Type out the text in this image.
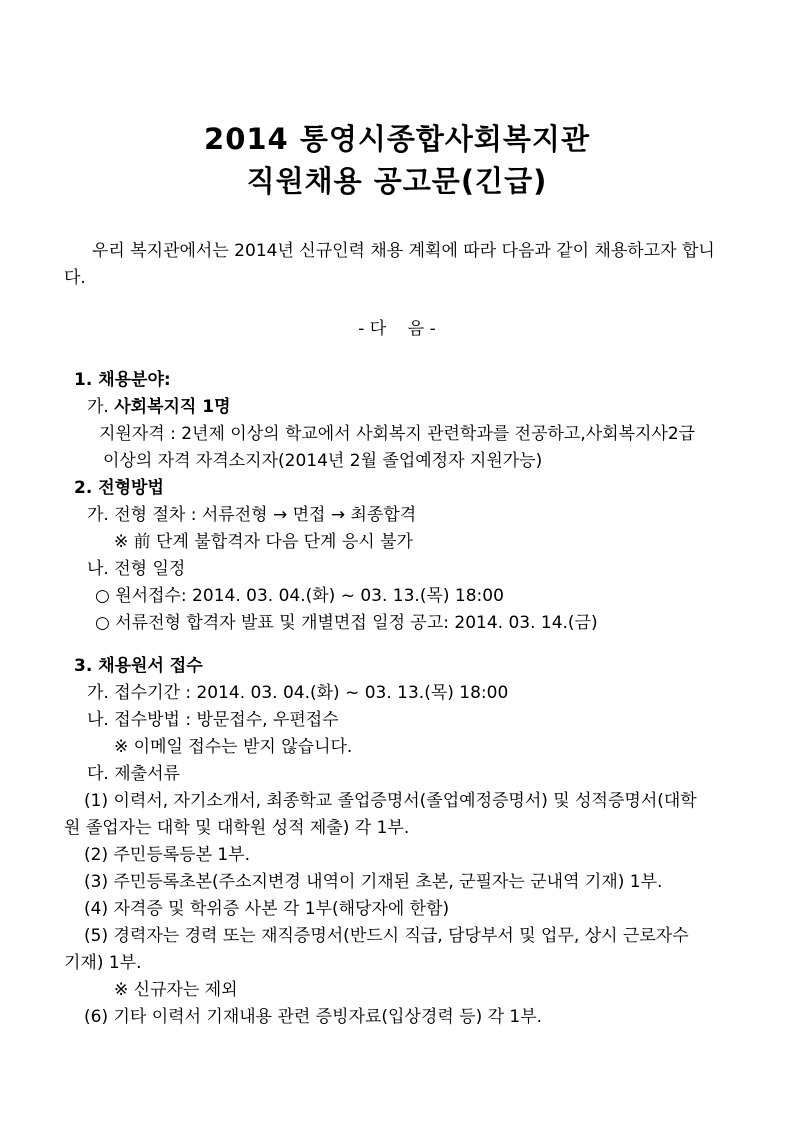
2014 통영시종합사회복지관
직원채용 공고문(긴급)
우리 복지관에서는 2014년 신규인력 채용 계획에 따라 다음과 같이 채용하고자 합니
다.
- 다    음 -
1. 채용분야:
가. 사회복지직 1명
지원자격 : 2년제 이상의 학교에서 사회복지 관련학과를 전공하고,사회복지사2급
이상의 자격 자격소지자(2014년 2월 졸업예정자 지원가능)
2. 전형방법
가. 전형 절차 : 서류전형 → 면접 → 최종합격
※ 前 단계 불합격자 다음 단계 응시 불가
나. 전형 일정
○ 원서접수: 2014. 03. 04.(화) ~ 03. 13.(목) 18:00
○ 서류전형 합격자 발표 및 개별면접 일정 공고: 2014. 03. 14.(금)
3. 채용원서 접수
가. 접수기간 : 2014. 03. 04.(화) ~ 03. 13.(목) 18:00
나. 접수방법 : 방문접수, 우편접수
※ 이메일 접수는 받지 않습니다.
다. 제출서류
(1) 이력서, 자기소개서, 최종학교 졸업증명서(졸업예정증명서) 및 성적증명서(대학
원 졸업자는 대학 및 대학원 성적 제출) 각 1부.
(2) 주민등록등본 1부.
(3) 주민등록초본(주소지변경 내역이 기재된 초본, 군필자는 군내역 기재) 1부.
(4) 자격증 및 학위증 사본 각 1부(해당자에 한함)
(5) 경력자는 경력 또는 재직증명서(반드시 직급, 담당부서 및 업무, 상시 근로자수
기재) 1부.
※ 신규자는 제외
(6) 기타 이력서 기재내용 관련 증빙자료(입상경력 등) 각 1부.
